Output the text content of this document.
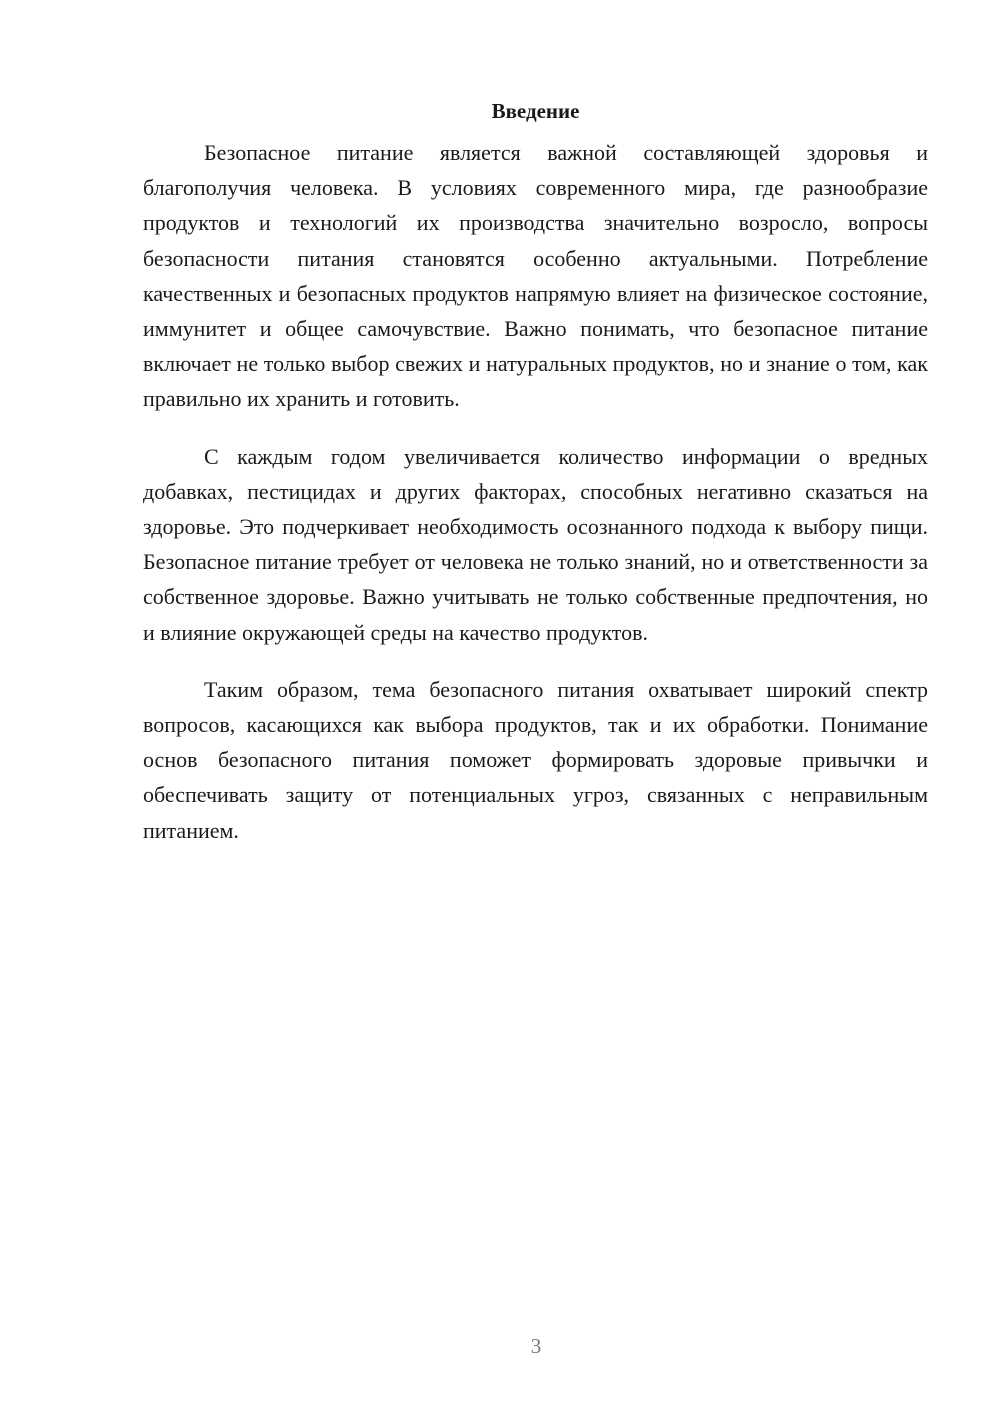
Введение

Безопасное питание является важной составляющей здоровья и благополучия человека. В условиях современного мира, где разнообразие продуктов и технологий их производства значительно возросло, вопросы безопасности питания становятся особенно актуальными. Потребление качественных и безопасных продуктов напрямую влияет на физическое состояние, иммунитет и общее самочувствие. Важно понимать, что безопасное питание включает не только выбор свежих и натуральных продуктов, но и знание о том, как правильно их хранить и готовить.

С каждым годом увеличивается количество информации о вредных добавках, пестицидах и других факторах, способных негативно сказаться на здоровье. Это подчеркивает необходимость осознанного подхода к выбору пищи. Безопасное питание требует от человека не только знаний, но и ответственности за собственное здоровье. Важно учитывать не только собственные предпочтения, но и влияние окружающей среды на качество продуктов.

Таким образом, тема безопасного питания охватывает широкий спектр вопросов, касающихся как выбора продуктов, так и их обработки. Понимание основ безопасного питания поможет формировать здоровые привычки и обеспечивать защиту от потенциальных угроз, связанных с неправильным питанием.

3
